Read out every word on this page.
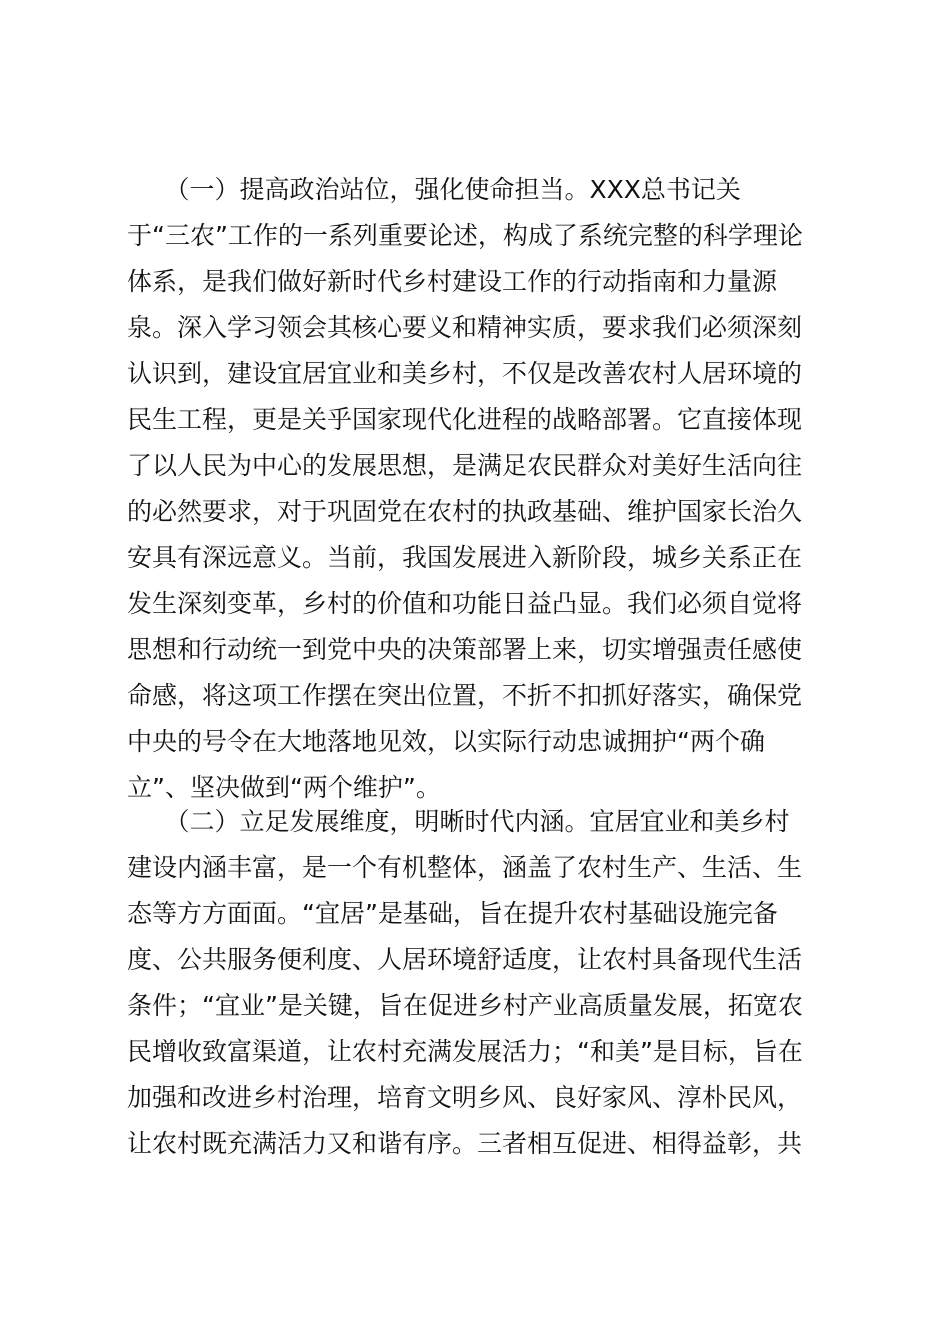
　　（一）提高政治站位，强化使命担当。XXX总书记关
于“三农”工作的一系列重要论述，构成了系统完整的科学理论
体系，是我们做好新时代乡村建设工作的行动指南和力量源
泉。深入学习领会其核心要义和精神实质，要求我们必须深刻
认识到，建设宜居宜业和美乡村，不仅是改善农村人居环境的
民生工程，更是关乎国家现代化进程的战略部署。它直接体现
了以人民为中心的发展思想，是满足农民群众对美好生活向往
的必然要求，对于巩固党在农村的执政基础、维护国家长治久
安具有深远意义。当前，我国发展进入新阶段，城乡关系正在
发生深刻变革，乡村的价值和功能日益凸显。我们必须自觉将
思想和行动统一到党中央的决策部署上来，切实增强责任感使
命感，将这项工作摆在突出位置，不折不扣抓好落实，确保党
中央的号令在大地落地见效，以实际行动忠诚拥护“两个确
立”、坚决做到“两个维护”。
　　（二）立足发展维度，明晰时代内涵。宜居宜业和美乡村
建设内涵丰富，是一个有机整体，涵盖了农村生产、生活、生
态等方方面面。“宜居”是基础，旨在提升农村基础设施完备
度、公共服务便利度、人居环境舒适度，让农村具备现代生活
条件；“宜业”是关键，旨在促进乡村产业高质量发展，拓宽农
民增收致富渠道，让农村充满发展活力；“和美”是目标，旨在
加强和改进乡村治理，培育文明乡风、良好家风、淳朴民风，
让农村既充满活力又和谐有序。三者相互促进、相得益彰，共
